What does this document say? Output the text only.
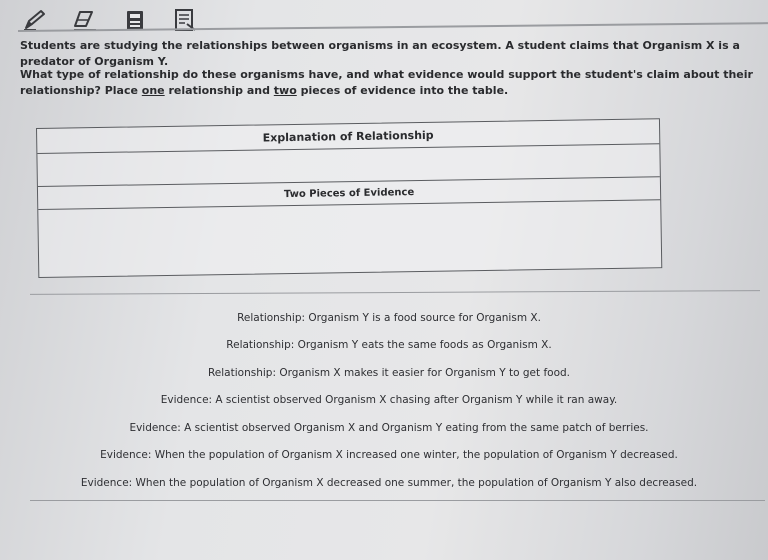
Students are studying the relationships between organisms in an ecosystem. A student claims that Organism X is a predator of Organism Y.
What type of relationship do these organisms have, and what evidence would support the student's claim about their relationship? Place one relationship and two pieces of evidence into the table.
Explanation of Relationship
Two Pieces of Evidence
Relationship: Organism Y is a food source for Organism X.
Relationship: Organism Y eats the same foods as Organism X.
Relationship: Organism X makes it easier for Organism Y to get food.
Evidence: A scientist observed Organism X chasing after Organism Y while it ran away.
Evidence: A scientist observed Organism X and Organism Y eating from the same patch of berries.
Evidence: When the population of Organism X increased one winter, the population of Organism Y decreased.
Evidence: When the population of Organism X decreased one summer, the population of Organism Y also decreased.
